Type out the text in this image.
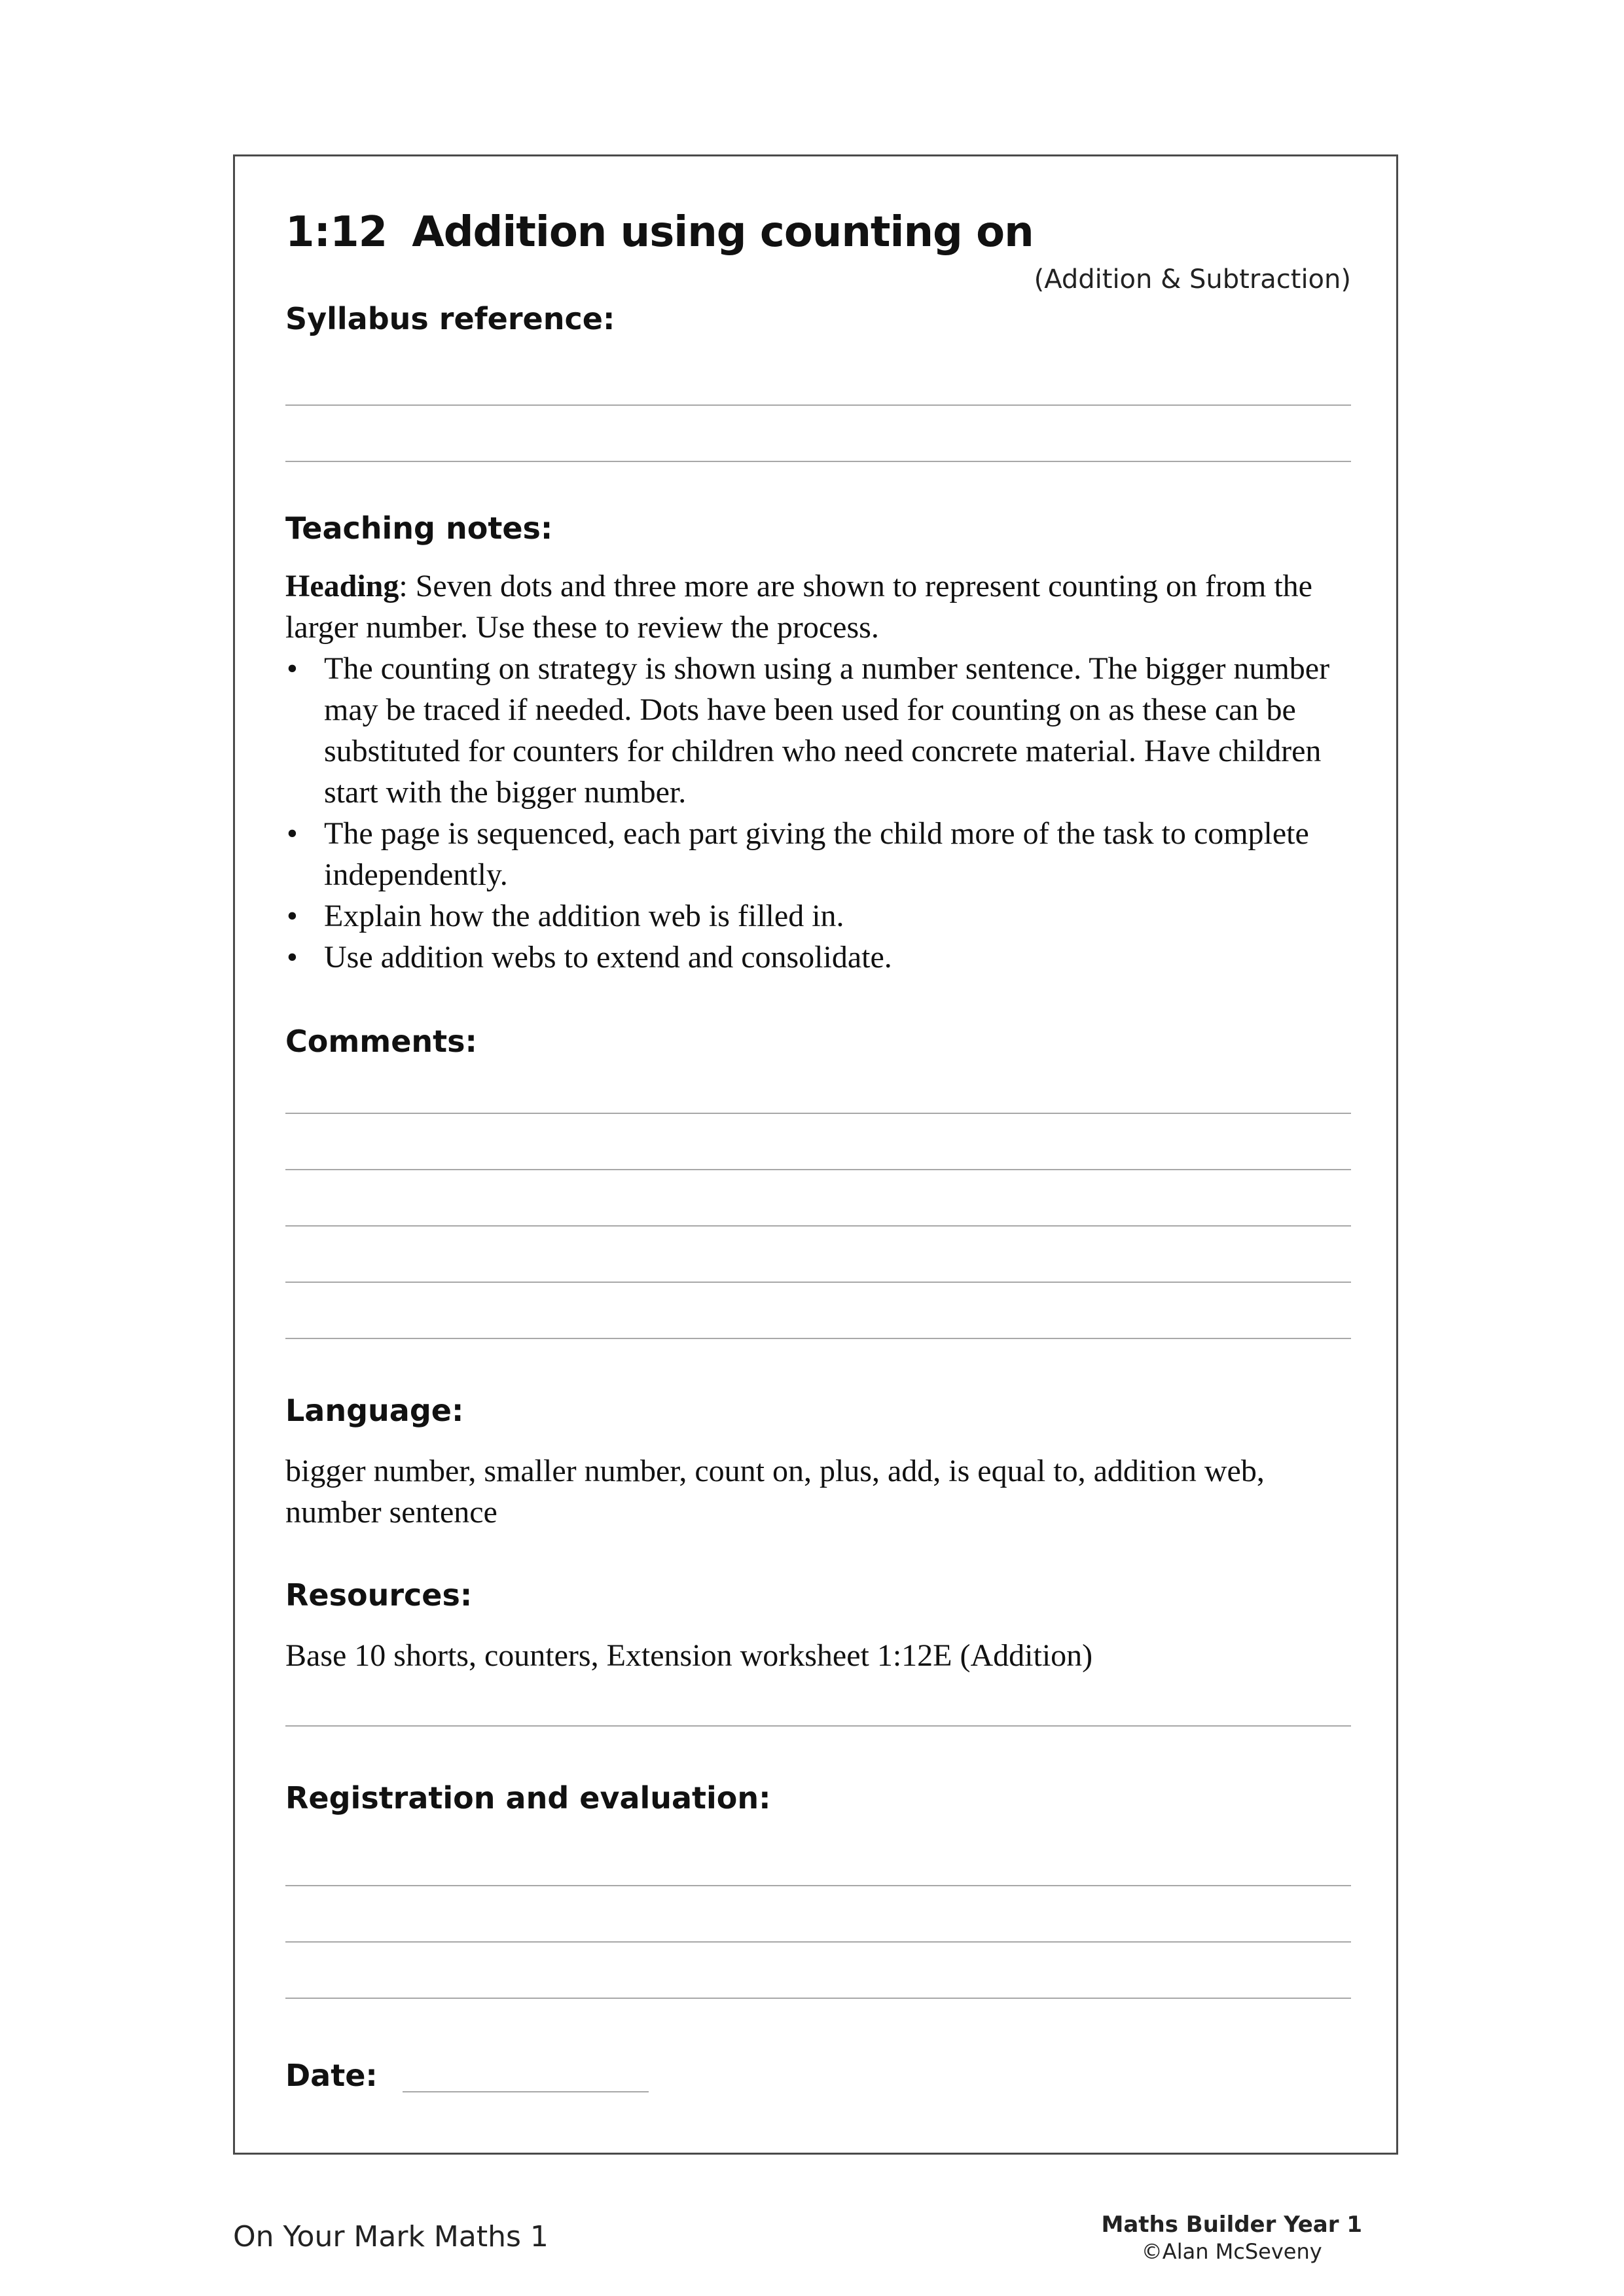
1:12 Addition using counting on
(Addition & Subtraction)
Syllabus reference:
Teaching notes:

Heading: Seven dots and three more are shown to represent counting on from the larger number. Use these to review the process.

• The counting on strategy is shown using a number sentence. The bigger number may be traced if needed. Dots have been used for counting on as these can be substituted for counters for children who need concrete material. Have children start with the bigger number.
• The page is sequenced, each part giving the child more of the task to complete independently.
• Explain how the addition web is filled in.
• Use addition webs to extend and consolidate.
Comments:
Language:

bigger number, smaller number, count on, plus, add, is equal to, addition web, number sentence

Resources:

Base 10 shorts, counters, Extension worksheet 1:12E (Addition)

Registration and evaluation:
Date:
On Your Mark Maths 1	Maths Builder Year 1
©Alan McSeveny
